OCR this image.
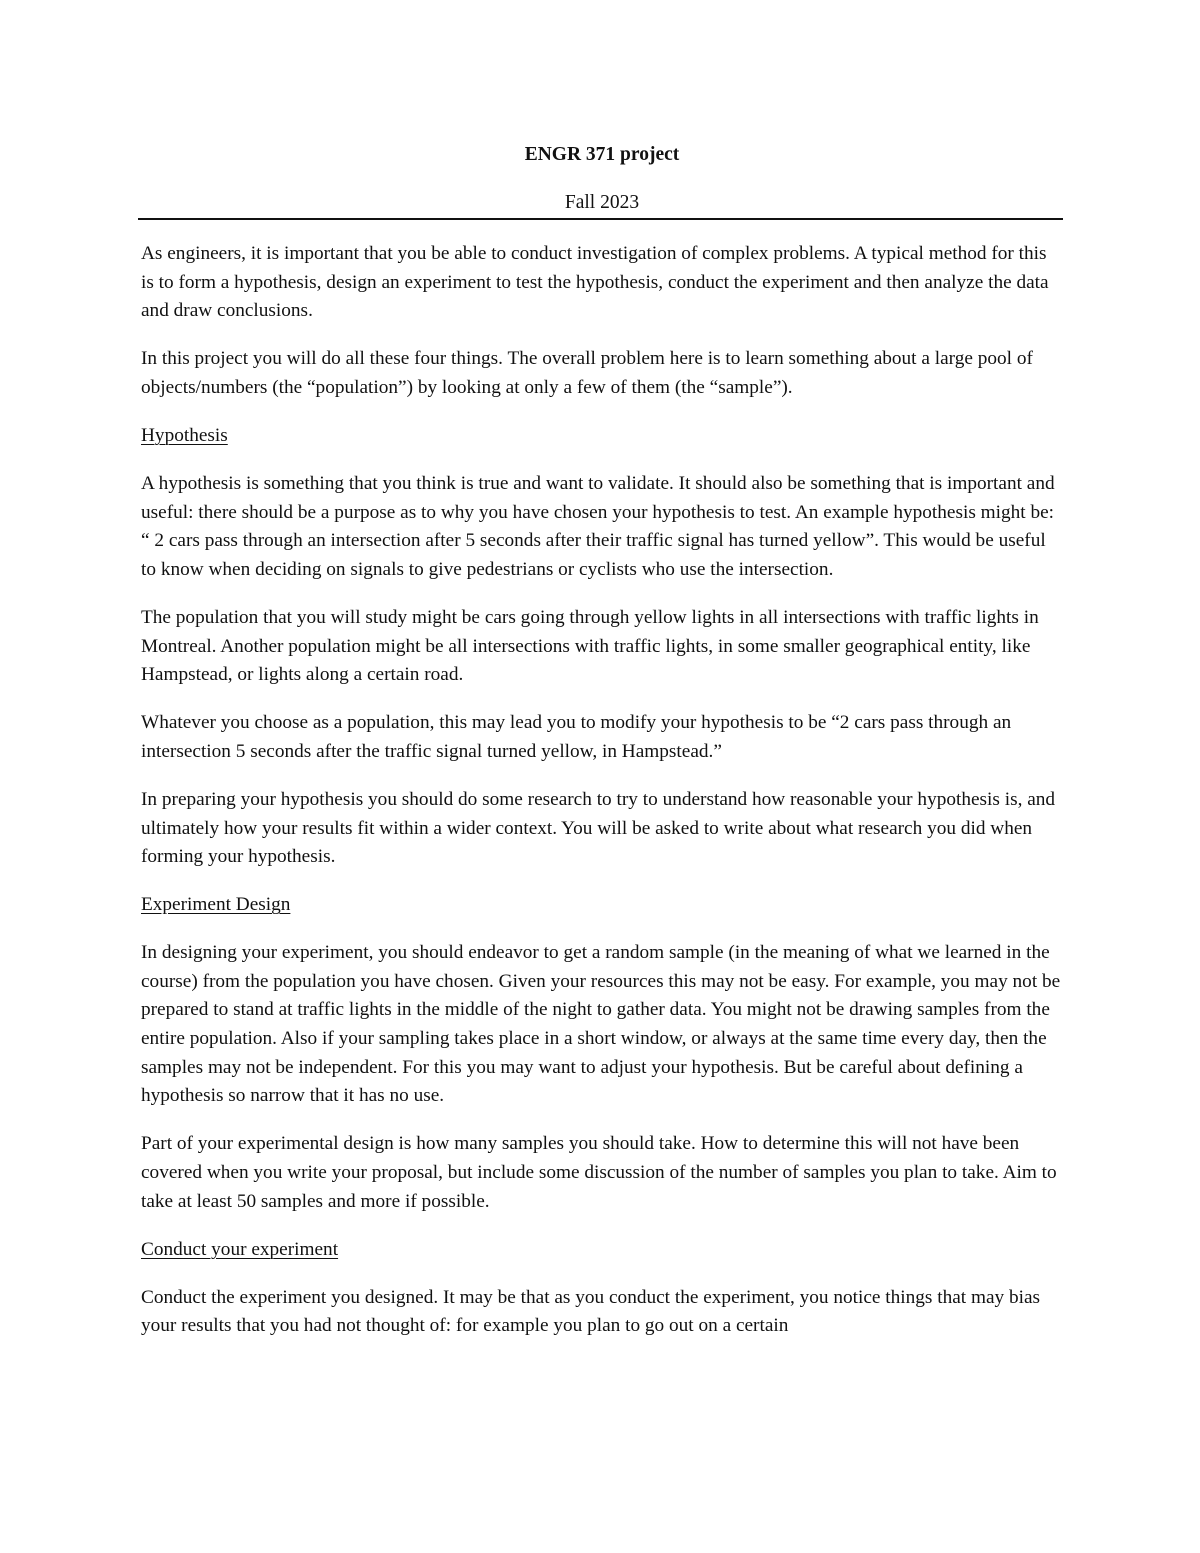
ENGR 371 project

Fall 2023

As engineers, it is important that you be able to conduct investigation of complex problems. A typical method for this is to form a hypothesis, design an experiment to test the hypothesis, conduct the experiment and then analyze the data and draw conclusions.

In this project you will do all these four things. The overall problem here is to learn something about a large pool of objects/numbers (the “population”) by looking at only a few of them (the “sample”).

Hypothesis

A hypothesis is something that you think is true and want to validate. It should also be something that is important and useful: there should be a purpose as to why you have chosen your hypothesis to test. An example hypothesis might be: “ 2 cars pass through an intersection after 5 seconds after their traffic signal has turned yellow”. This would be useful to know when deciding on signals to give pedestrians or cyclists who use the intersection.

The population that you will study might be cars going through yellow lights in all intersections with traffic lights in Montreal. Another population might be all intersections with traffic lights, in some smaller geographical entity, like Hampstead, or lights along a certain road.

Whatever you choose as a population, this may lead you to modify your hypothesis to be “2 cars pass through an intersection 5 seconds after the traffic signal turned yellow, in Hampstead.”

In preparing your hypothesis you should do some research to try to understand how reasonable your hypothesis is, and ultimately how your results fit within a wider context. You will be asked to write about what research you did when forming your hypothesis.

Experiment Design

In designing your experiment, you should endeavor to get a random sample (in the meaning of what we learned in the course) from the population you have chosen. Given your resources this may not be easy. For example, you may not be prepared to stand at traffic lights in the middle of the night to gather data. You might not be drawing samples from the entire population. Also if your sampling takes place in a short window, or always at the same time every day, then the samples may not be independent. For this you may want to adjust your hypothesis. But be careful about defining a hypothesis so narrow that it has no use.

Part of your experimental design is how many samples you should take. How to determine this will not have been covered when you write your proposal, but include some discussion of the number of samples you plan to take. Aim to take at least 50 samples and more if possible.

Conduct your experiment

Conduct the experiment you designed. It may be that as you conduct the experiment, you notice things that may bias your results that you had not thought of: for example you plan to go out on a certain
